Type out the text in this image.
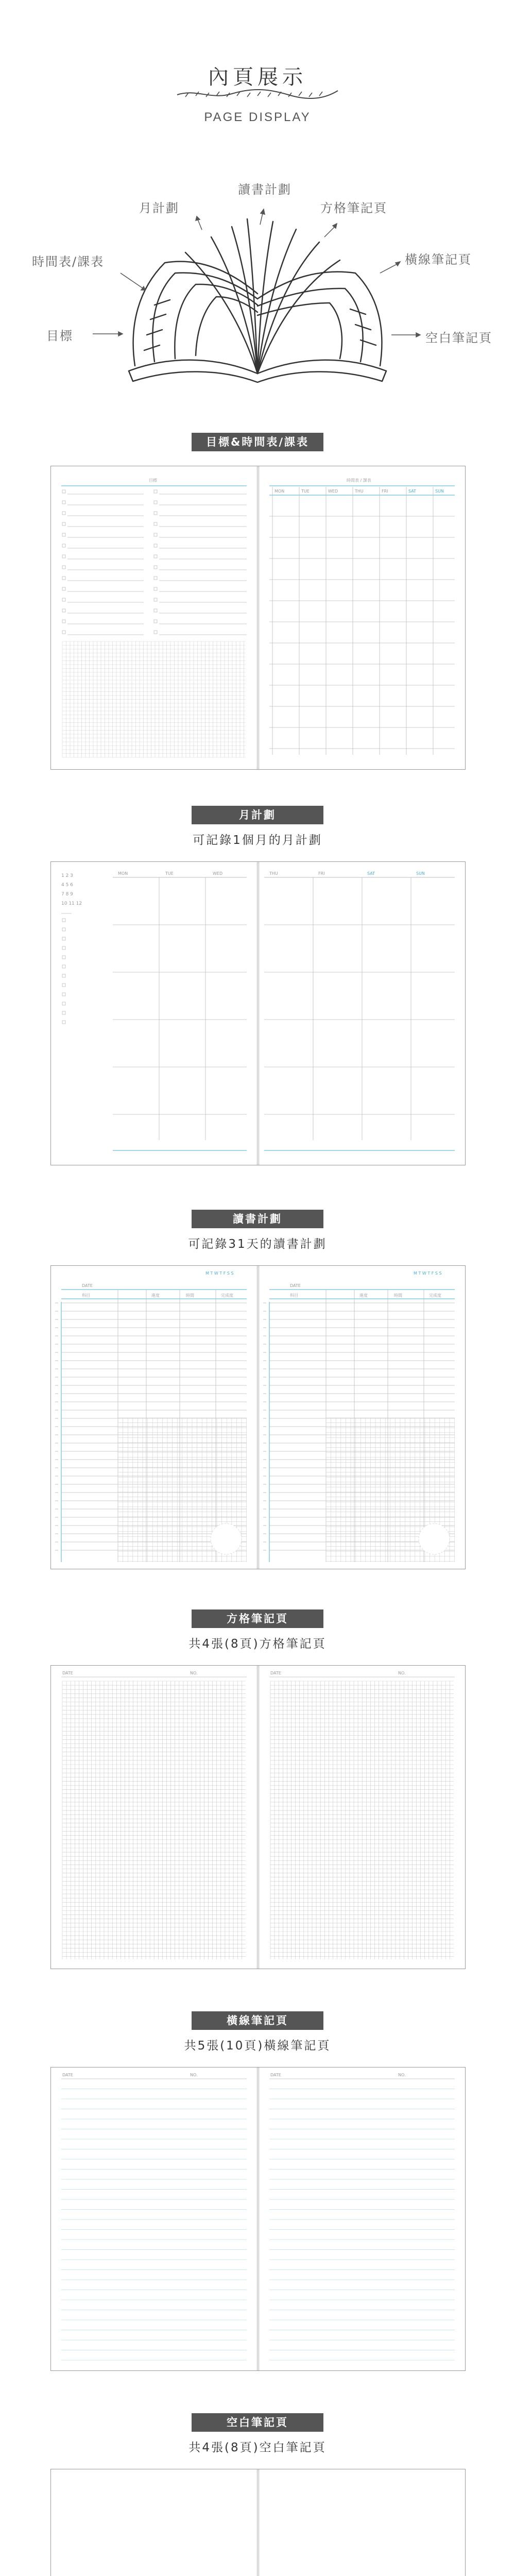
內頁展示
PAGE DISPLAY
目標
時間表/課表
月計劃
讀書計劃
方格筆記頁
橫線筆記頁
空白筆記頁
目標&時間表/課表
目標	時間表 / 課表
MON	TUE	WED	THU	FRI	SAT	SUN
月計劃
可記錄1個月的月計劃
1 2 3
4 5 6
7 8 9
10 11 12
MON	TUE	WED	THU	FRI	SAT	SUN
讀書計劃
可記錄31天的讀書計劃
M T W T F S S
DATE
科目	進度	時間	完成度
M T W T F S S
DATE
科目	進度	時間	完成度
方格筆記頁
共4張(8頁)方格筆記頁
DATE	NO.	DATE	NO.
橫線筆記頁
共5張(10頁)橫線筆記頁
DATE	NO.	DATE	NO.
空白筆記頁
共4張(8頁)空白筆記頁
